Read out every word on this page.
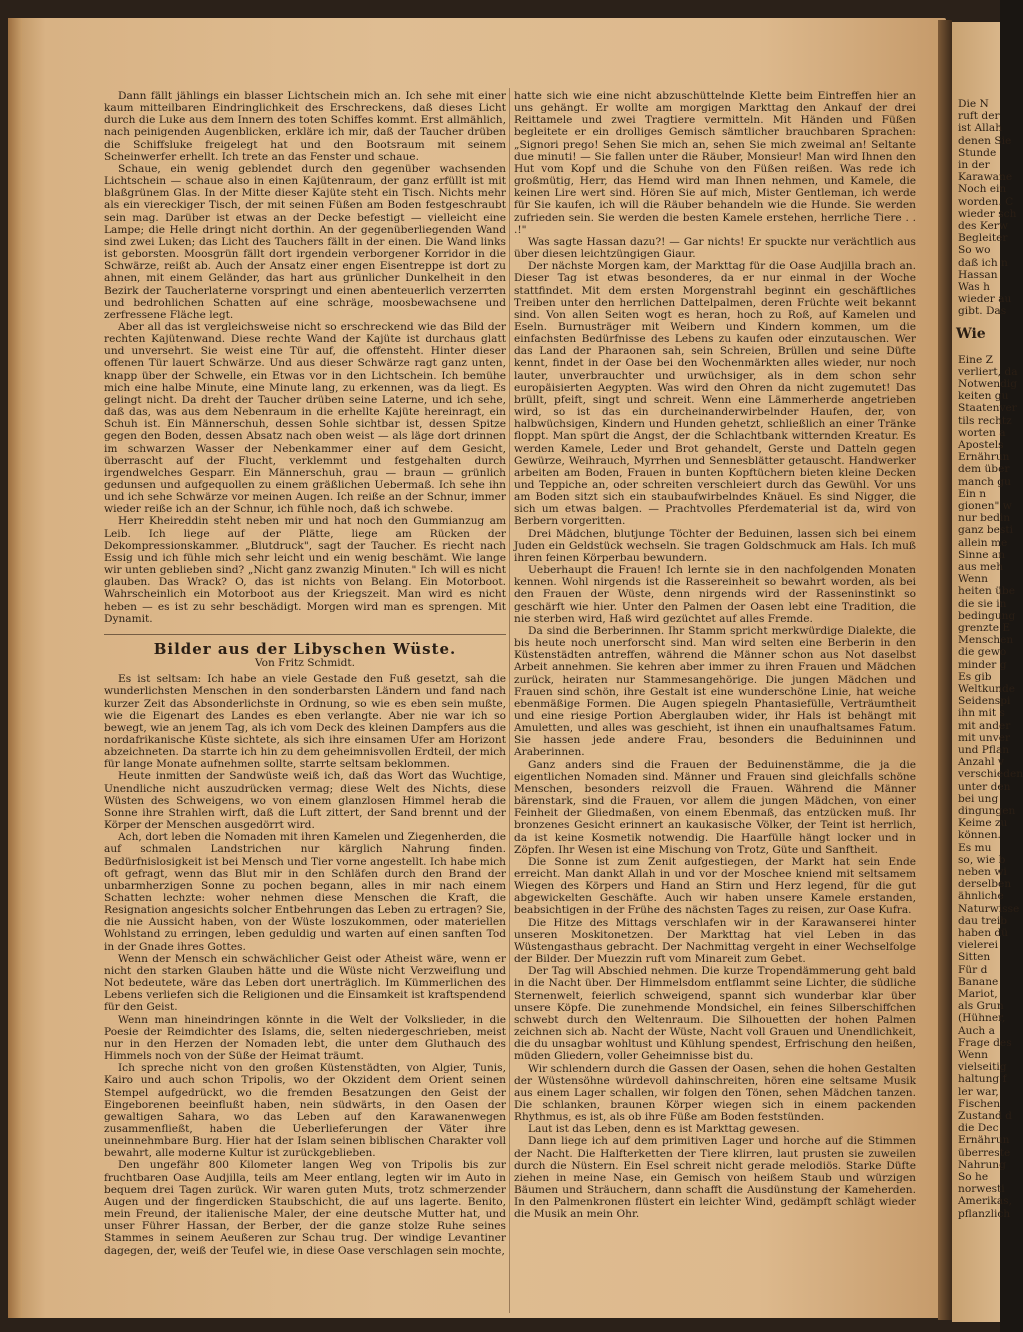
Dann fällt jählings ein blasser Lichtschein mich an. Ich sehe mit einer kaum mitteilbaren Eindringlichkeit des Erschreckens, daß dieses Licht durch die Luke aus dem Innern des toten Schiffes kommt. Erst allmählich, nach peinigenden Augenblicken, erkläre ich mir, daß der Taucher drüben die Schiffsluke freigelegt hat und den Bootsraum mit seinem Scheinwerfer erhellt. Ich trete an das Fenster und schaue.

Schaue, ein wenig geblendet durch den gegenüber wachsenden Lichtschein — schaue also in einen Kajütenraum, der ganz erfüllt ist mit blaßgrünem Glas. In der Mitte dieser Kajüte steht ein Tisch. Nichts mehr als ein viereckiger Tisch, der mit seinen Füßen am Boden festgeschraubt sein mag. Darüber ist etwas an der Decke befestigt — vielleicht eine Lampe; die Helle dringt nicht dorthin. An der gegenüberliegenden Wand sind zwei Luken; das Licht des Tauchers fällt in der einen. Die Wand links ist geborsten. Moosgrün fällt dort irgendein verborgener Korridor in die Schwärze, reißt ab. Auch der Ansatz einer engen Eisentreppe ist dort zu ahnen, mit einem Geländer, das hart aus grünlicher Dunkelheit in den Bezirk der Taucherlaterne vorspringt und einen abenteuerlich verzerrten und bedrohlichen Schatten auf eine schräge, moosbewachsene und zerfressene Fläche legt.

Aber all das ist vergleichsweise nicht so erschreckend wie das Bild der rechten Kajütenwand. Diese rechte Wand der Kajüte ist durchaus glatt und unversehrt. Sie weist eine Tür auf, die offensteht. Hinter dieser offenen Tür lauert Schwärze. Und aus dieser Schwärze ragt ganz unten, knapp über der Schwelle, ein Etwas vor in den Lichtschein. Ich bemühe mich eine halbe Minute, eine Minute lang, zu erkennen, was da liegt. Es gelingt nicht. Da dreht der Taucher drüben seine Laterne, und ich sehe, daß das, was aus dem Nebenraum in die erhellte Kajüte hereinragt, ein Schuh ist. Ein Männerschuh, dessen Sohle sichtbar ist, dessen Spitze gegen den Boden, dessen Absatz nach oben weist — als läge dort drinnen im schwarzen Wasser der Nebenkammer einer auf dem Gesicht, überrascht auf der Flucht, verklemmt und festgehalten durch irgendwelches Gesparr. Ein Männerschuh, grau — braun — grünlich gedunsen und aufgequollen zu einem gräßlichen Uebermaß. Ich sehe ihn und ich sehe Schwärze vor meinen Augen. Ich reiße an der Schnur, immer wieder reiße ich an der Schnur, ich fühle noch, daß ich schwebe.

Herr Kheireddin steht neben mir und hat noch den Gummianzug am Leib. Ich liege auf der Plätte, liege am Rücken der Dekompressionskammer. „Blutdruck", sagt der Taucher. Es riecht nach Essig und ich fühle mich sehr leicht und ein wenig beschämt. Wie lange wir unten geblieben sind? „Nicht ganz zwanzig Minuten." Ich will es nicht glauben. Das Wrack? O, das ist nichts von Belang. Ein Motorboot. Wahrscheinlich ein Motorboot aus der Kriegszeit. Man wird es nicht heben — es ist zu sehr beschädigt. Morgen wird man es sprengen. Mit Dynamit.

Bilder aus der Libyschen Wüste.
Von Fritz Schmidt.

Es ist seltsam: Ich habe an viele Gestade den Fuß gesetzt, sah die wunderlichsten Menschen in den sonderbarsten Ländern und fand nach kurzer Zeit das Absonderlichste in Ordnung, so wie es eben sein mußte, wie die Eigenart des Landes es eben verlangte. Aber nie war ich so bewegt, wie an jenem Tag, als ich vom Deck des kleinen Dampfers aus die nordafrikanische Küste sichtete, als sich ihre einsamen Ufer am Horizont abzeichneten. Da starrte ich hin zu dem geheimnisvollen Erdteil, der mich für lange Monate aufnehmen sollte, starrte seltsam beklommen.

Heute inmitten der Sandwüste weiß ich, daß das Wort das Wuchtige, Unendliche nicht auszudrücken vermag; diese Welt des Nichts, diese Wüsten des Schweigens, wo von einem glanzlosen Himmel herab die Sonne ihre Strahlen wirft, daß die Luft zittert, der Sand brennt und der Körper der Menschen ausgedörrt wird.

Ach, dort leben die Nomaden mit ihren Kamelen und Ziegenherden, die auf schmalen Landstrichen nur kärglich Nahrung finden. Bedürfnislosigkeit ist bei Mensch und Tier vorne angestellt. Ich habe mich oft gefragt, wenn das Blut mir in den Schläfen durch den Brand der unbarmherzigen Sonne zu pochen begann, alles in mir nach einem Schatten lechzte: woher nehmen diese Menschen die Kraft, die Resignation angesichts solcher Entbehrungen das Leben zu ertragen? Sie, die nie Aussicht haben, von der Wüste loszukommen, oder materiellen Wohlstand zu erringen, leben geduldig und warten auf einen sanften Tod in der Gnade ihres Gottes.

Wenn der Mensch ein schwächlicher Geist oder Atheist wäre, wenn er nicht den starken Glauben hätte und die Wüste nicht Verzweiflung und Not bedeutete, wäre das Leben dort unerträglich. Im Kümmerlichen des Lebens verliefen sich die Religionen und die Einsamkeit ist kraftspendend für den Geist.

Wenn man hineindringen könnte in die Welt der Volkslieder, in die Poesie der Reimdichter des Islams, die, selten niedergeschrieben, meist nur in den Herzen der Nomaden lebt, die unter dem Gluthauch des Himmels noch von der Süße der Heimat träumt.

Ich spreche nicht von den großen Küstenstädten, von Algier, Tunis, Kairo und auch schon Tripolis, wo der Okzident dem Orient seinen Stempel aufgedrückt, wo die fremden Besatzungen den Geist der Eingeborenen beeinflußt haben, nein südwärts, in den Oasen der gewaltigen Sahara, wo das Leben auf den Karawanenwegen zusammenfließt, haben die Ueberlieferungen der Väter ihre uneinnehmbare Burg. Hier hat der Islam seinen biblischen Charakter voll bewahrt, alle moderne Kultur ist zurückgeblieben.

Den ungefähr 800 Kilometer langen Weg von Tripolis bis zur fruchtbaren Oase Audjilla, teils am Meer entlang, legten wir im Auto in bequem drei Tagen zurück. Wir waren guten Muts, trotz schmerzender Augen und der fingerdicken Staubschicht, die auf uns lagerte. Benito, mein Freund, der italienische Maler, der eine deutsche Mutter hat, und unser Führer Hassan, der Berber, der die ganze stolze Ruhe seines Stammes in seinem Aeußeren zur Schau trug. Der windige Levantiner dagegen, der, weiß der Teufel wie, in diese Oase verschlagen sein mochte,

hatte sich wie eine nicht abzuschüttelnde Klette beim Eintreffen hier an uns gehängt. Er wollte am morgigen Markttag den Ankauf der drei Reittamele und zwei Tragtiere vermitteln. Mit Händen und Füßen begleitete er ein drolliges Gemisch sämtlicher brauchbaren Sprachen: „Signori prego! Sehen Sie mich an, sehen Sie mich zweimal an! Seltante due minuti! — Sie fallen unter die Räuber, Monsieur! Man wird Ihnen den Hut vom Kopf und die Schuhe von den Füßen reißen. Was rede ich großmütig, Herr, das Hemd wird man Ihnen nehmen, und Kamele, die keinen Lire wert sind. Hören Sie auf mich, Mister Gentleman, ich werde für Sie kaufen, ich will die Räuber behandeln wie die Hunde. Sie werden zufrieden sein. Sie werden die besten Kamele erstehen, herrliche Tiere . . .!"

Was sagte Hassan dazu?! — Gar nichts! Er spuckte nur verächtlich aus über diesen leichtzüngigen Giaur.

Der nächste Morgen kam, der Markttag für die Oase Audjilla brach an. Dieser Tag ist etwas besonderes, da er nur einmal in der Woche stattfindet. Mit dem ersten Morgenstrahl beginnt ein geschäftliches Treiben unter den herrlichen Dattelpalmen, deren Früchte weit bekannt sind. Von allen Seiten wogt es heran, hoch zu Roß, auf Kamelen und Eseln. Burnusträger mit Weibern und Kindern kommen, um die einfachsten Bedürfnisse des Lebens zu kaufen oder einzutauschen. Wer das Land der Pharaonen sah, sein Schreien, Brüllen und seine Düfte kennt, findet in der Oase bei den Wochenmärkten alles wieder, nur noch lauter, unverbrauchter und urwüchsiger, als in dem schon sehr europäisierten Aegypten. Was wird den Ohren da nicht zugemutet! Das brüllt, pfeift, singt und schreit. Wenn eine Lämmerherde angetrieben wird, so ist das ein durcheinanderwirbelnder Haufen, der, von halbwüchsigen, Kindern und Hunden gehetzt, schließlich an einer Tränke floppt. Man spürt die Angst, der die Schlachtbank witternden Kreatur. Es werden Kamele, Leder und Brot gehandelt, Gerste und Datteln gegen Gewürze, Weihrauch, Myrrhen und Sennesblätter getauscht. Handwerker arbeiten am Boden, Frauen in bunten Kopftüchern bieten kleine Decken und Teppiche an, oder schreiten verschleiert durch das Gewühl. Vor uns am Boden sitzt sich ein staubaufwirbelndes Knäuel. Es sind Nigger, die sich um etwas balgen. — Prachtvolles Pferdematerial ist da, wird von Berbern vorgeritten.

Drei Mädchen, blutjunge Töchter der Beduinen, lassen sich bei einem Juden ein Geldstück wechseln. Sie tragen Goldschmuck am Hals. Ich muß ihren feinen Körperbau bewundern.

Ueberhaupt die Frauen! Ich lernte sie in den nachfolgenden Monaten kennen. Wohl nirgends ist die Rassereinheit so bewahrt worden, als bei den Frauen der Wüste, denn nirgends wird der Rasseninstinkt so geschärft wie hier. Unter den Palmen der Oasen lebt eine Tradition, die nie sterben wird, Haß wird gezüchtet auf alles Fremde.

Da sind die Berberinnen. Ihr Stamm spricht merkwürdige Dialekte, die bis heute noch unerforscht sind. Man wird selten eine Berberin in den Küstenstädten antreffen, während die Männer schon aus Not daselbst Arbeit annehmen. Sie kehren aber immer zu ihren Frauen und Mädchen zurück, heiraten nur Stammesangehörige. Die jungen Mädchen und Frauen sind schön, ihre Gestalt ist eine wunderschöne Linie, hat weiche ebenmäßige Formen. Die Augen spiegeln Phantasiefülle, Verträumtheit und eine riesige Portion Aberglauben wider, ihr Hals ist behängt mit Amuletten, und alles was geschieht, ist ihnen ein unaufhaltsames Fatum. Sie hassen jede andere Frau, besonders die Beduininnen und Araberinnen.

Ganz anders sind die Frauen der Beduinenstämme, die ja die eigentlichen Nomaden sind. Männer und Frauen sind gleichfalls schöne Menschen, besonders reizvoll die Frauen. Während die Männer bärenstark, sind die Frauen, vor allem die jungen Mädchen, von einer Feinheit der Gliedmaßen, von einem Ebenmaß, das entzücken muß. Ihr bronzenes Gesicht erinnert an kaukasische Völker, der Teint ist herrlich, da ist keine Kosmetik notwendig. Die Haarfülle hängt locker und in Zöpfen. Ihr Wesen ist eine Mischung von Trotz, Güte und Sanftheit.

Die Sonne ist zum Zenit aufgestiegen, der Markt hat sein Ende erreicht. Man dankt Allah in und vor der Moschee kniend mit seltsamem Wiegen des Körpers und Hand an Stirn und Herz legend, für die gut abgewickelten Geschäfte. Auch wir haben unsere Kamele erstanden, beabsichtigen in der Frühe des nächsten Tages zu reisen, zur Oase Kufra.

Die Hitze des Mittags verschlafen wir in der Karawanserei hinter unseren Moskitonetzen. Der Markttag hat viel Leben in das Wüstengasthaus gebracht. Der Nachmittag vergeht in einer Wechselfolge der Bilder. Der Muezzin ruft vom Minareit zum Gebet.

Der Tag will Abschied nehmen. Die kurze Tropendämmerung geht bald in die Nacht über. Der Himmelsdom entflammt seine Lichter, die südliche Sternenwelt, feierlich schweigend, spannt sich wunderbar klar über unsere Köpfe. Die zunehmende Mondsichel, ein feines Silberschiffchen schwebt durch den Weltenraum. Die Silhouetten der hohen Palmen zeichnen sich ab. Nacht der Wüste, Nacht voll Grauen und Unendlichkeit, die du unsagbar wohltust und Kühlung spendest, Erfrischung den heißen, müden Gliedern, voller Geheimnisse bist du.

Wir schlendern durch die Gassen der Oasen, sehen die hohen Gestalten der Wüstensöhne würdevoll dahinschreiten, hören eine seltsame Musik aus einem Lager schallen, wir folgen den Tönen, sehen Mädchen tanzen. Die schlanken, braunen Körper wiegen sich in einem packenden Rhythmus, es ist, als ob ihre Füße am Boden feststünden.

Laut ist das Leben, denn es ist Markttag gewesen.

Dann liege ich auf dem primitiven Lager und horche auf die Stimmen der Nacht. Die Halfterketten der Tiere klirren, laut prusten sie zuweilen durch die Nüstern. Ein Esel schreit nicht gerade melodiös. Starke Düfte ziehen in meine Nase, ein Gemisch von heißem Staub und würzigen Bäumen und Sträuchern, dann schafft die Ausdünstung der Kameherden. In den Palmenkronen flüstert ein leichter Wind, gedämpft schlägt wieder die Musik an mein Ohr.

Die N
ruft der
ist Allah
denen Sie
Stunde
in der
Karawane
Noch ein
worden. C
wieder sch
des Kerw
Begleiter
So wo
daß ich n
Hassan
Was h
wieder au
gibt. Das
Wie
Eine Z
verliert, da
Notwendig
keiten gu
Staatenver
tils rechtz
worten a
Apostels
Ernährun
dem über
manch gu
Ein n
gionen" w
nur bedin
ganz besti
allein me
Sinne an
aus meh
Wenn
heiten übe
die sie in
bedingung
grenzte E
Menschen
die gewo
minder g
Es gib
Weltkunde
Seidenspi
ihn mit s
mit ander
mit unver
und Pflan
Anzahl v
verschieden
unter den
bei ung
dingungen
Keime zu
können.
Es mu
so, wie b
neben wi
derselben
ähnliche
Naturwisse
dau treib
haben dü
vielerei
Sitten
Für d
Banane
Mariot,
als Grun
(Hühner,
Auch a
Frage des
Wenn
vielseitig
haltung f
ler war,
Fischen
Zustand d
die Dec
Ernährun
überreste
Nahrung
So he
norwesti
Amerikas,
pflanzlich
